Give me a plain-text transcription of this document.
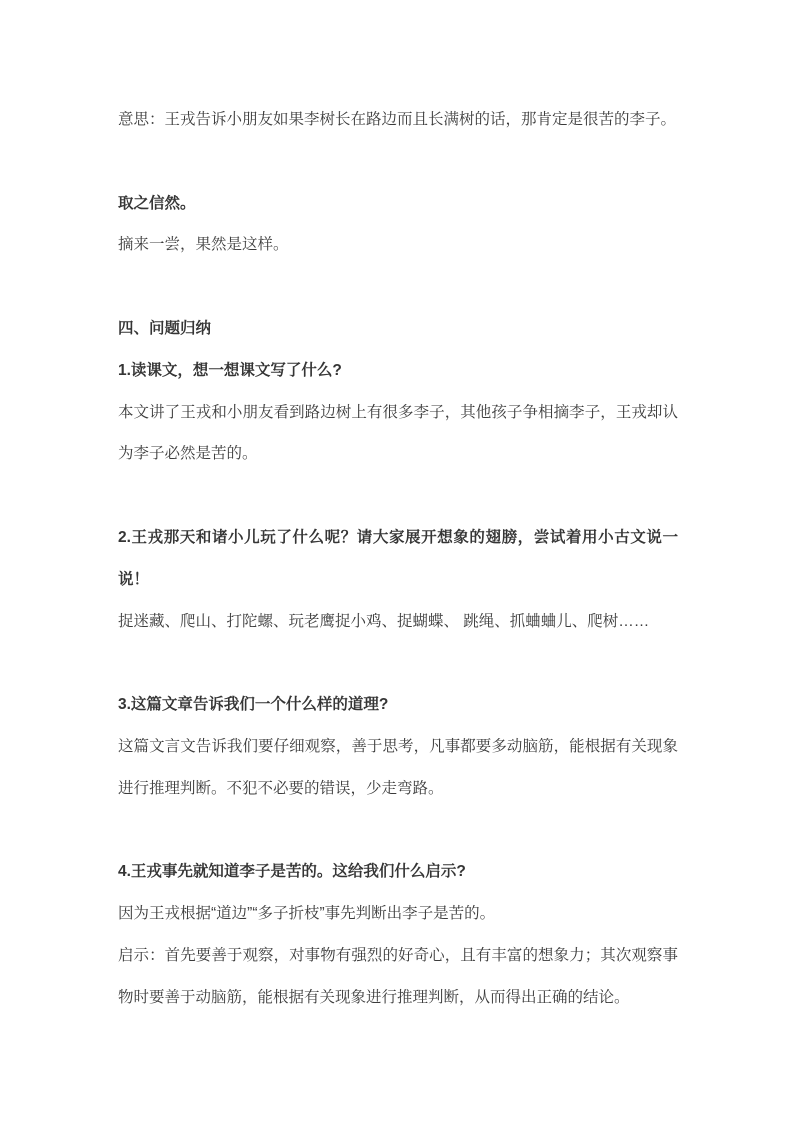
意思：王戎告诉小朋友如果李树长在路边而且长满树的话，那肯定是很苦的李子。

取之信然。

摘来一尝，果然是这样。

四、问题归纳

1.读课文，想一想课文写了什么?

本文讲了王戎和小朋友看到路边树上有很多李子，其他孩子争相摘李子，王戎却认为李子必然是苦的。

2.王戎那天和诸小儿玩了什么呢？请大家展开想象的翅膀，尝试着用小古文说一说！

捉迷藏、爬山、打陀螺、玩老鹰捉小鸡、捉蝴蝶、 跳绳、抓蛐蛐儿、爬树……

3.这篇文章告诉我们一个什么样的道理?

这篇文言文告诉我们要仔细观察，善于思考，凡事都要多动脑筋，能根据有关现象进行推理判断。不犯不必要的错误，少走弯路。

4.王戎事先就知道李子是苦的。这给我们什么启示?

因为王戎根据“道边”“多子折枝”事先判断出李子是苦的。

启示：首先要善于观察，对事物有强烈的好奇心，且有丰富的想象力；其次观察事物时要善于动脑筋，能根据有关现象进行推理判断，从而得出正确的结论。
